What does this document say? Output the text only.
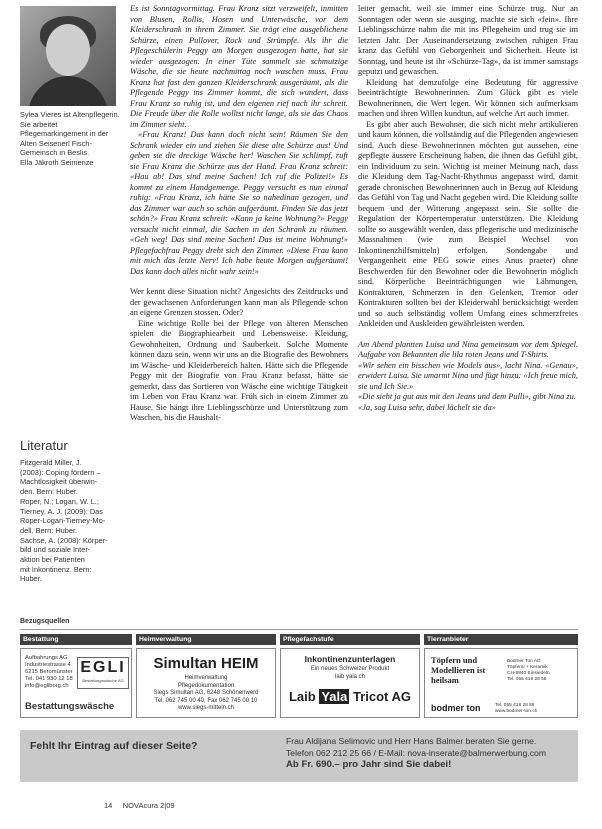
Sylea Vieres ist Altenpflegerin. Sie arbeitet Pflegemarkingement in der Alten Seisenerl Fisch-Gemeinsch in Beslis.
Ella Jäkroth Seimenze
Literatur
Fitzgerald Miller, J.
(2003): Coping fördern –
Machtlosigkeit überwin-
den. Bern: Huber.
Roper, N.; Logan, W. L.;
Tierney, A. J. (2009): Das
Roper-Logan-Tierney-Mo-
dell. Bern: Huber.
Sachse, A. (2008): Körper-
bild und soziale Inter-
aktion bei Patienten
mit Inkontinenz. Bern:
Huber.

Es ist Sonntagvormittag. Frau Kranz sitzt verzweifelt, inmitten von Blusen, Rollis, Hosen und Unterwäsche, vor dem Kleiderschrank in ihrem Zimmer. Sie trägt eine ausgeblichene Schürze, einen Pullover, Rock und Strümpfe. Als ihr die Pflegeschülerin Peggy am Morgen ausgezogen hatte, hat sie wieder ausgezogen. In einer Tüte sammelt sie schmutzige Wäsche, die sie heute nachmittag noch waschen muss. Frau Kranz hat fast den ganzen Kleiderschrank ausgeräumt, als die Pflegende Peggy ins Zimmer kommt, die sich wundert, dass Frau Kranz so ruhig ist, und den eigenen rief nach ihr schreit. Die Freude über die Rolle wolltst nicht lange, als sie das Chaos im Zimmer sieht.

«Frau Kranz! Das kann doch nicht sein! Räumen Sie den Schrank wieder ein und ziehen Sie diese alte Schürze aus! Und geben sie die dreckige Wäsche her! Waschen Sie schlimpf, ruft sie Frau Kranz die Schürze aus der Hand. Frau Kranz schreit: «Hau ab! Das sind meine Sachen! Ich ruf die Polizei!» Es kommt zu einem Handgemenge. Peggy versucht es nun einmal ruhig: «Frau Kranz, ich hätte Sie so nahedinan gezogen, und das Zimmer war auch so schön aufgeräumt. Finden Sie das jetzt schön?» Frau Kranz schreit: «Kann ja keine Wohnung?» Peggy versucht nicht einmal, die Sachen in den Schrank zu räumen. «Geh weg! Das sind meine Sachen! Das ist meine Wohnung!» Pflegefachfrau Peggy dreht sich den Zimmer. «Diese Frau kann mit mich das letzte Nerv! Ich habe heute Morgen aufgeräumt! Das kann doch alles nicht wahr sein!»

Wer kennt diese Situation nicht? Angesichts des Zeitdrucks und der gewachsenen Anforderungen kann man als Pflegende schon an eigene Grenzen stossen. Oder?

Eine wichtige Rolle bei der Pflege von älteren Menschen spielen die Biographiearbeit und Lebensweise. Kleidung, Gewohnheiten, Ordnung und Sauberkeit. Solche Momente können dazu sein, wenn wir uns an die Biografie des Bewohners im Wäsche- und Kleiderbereich halten. Hätte sich die Pflegende Peggy mit der Biografie von Frau Kranz befasst, hätte sie gemerkt, dass das Sortieren von Wäsche eine wichtige Tätigkeit im Leben von Frau Kranz war. Früh sich in einem Zimmer zu Hause. Sie hängt ihre Lieblingsschürze und Unterstützung zum Waschen, bis die Haushalt-

leiter gemacht, weil sie immer eine Schürze trug. Nur an Sonntagen oder wenn sie ausging, machte sie sich «fein». Ihre Lieblingsschürze nahm die mit ins Pflegeheim und trug sie im letzten Jahr. Der Auseinandersetzung zwischen ruhigen Frau kranz das Gefühl von Geborgenheit und Sicherheit. Heute ist Sonntag, und heute ist ihr «Schürze-Tag», da ist immer samstags geputzt und gewaschen.

Kleidung hat demzufolge eine Bedeutung für aggressive beeinträchtigte Bewohnerinnen. Zum Glück gibt es viele Bewohnerinnen, die Wert legen. Wir können sich aufmerksam machen und ihren Willen kundtun, auf welche Art auch immer.

Es gibt aber auch Bewohner, die sich nicht mehr artikulieren und kaum können, die vollständig auf die Pflegenden angewiesen sind. Auch diese Bewohnerinnen möchten gut aussehen, eine gepflegte äussere Erscheinung haben, die ihnen das Gefühl gibt, ein Individuum zu sein. Wichtig ist meiner Meinung nach, dass die Kleidung dem Tag-Nacht-Rhythmus angepasst wird, damit gerade chronischen Bewohnerinnen auch in Bezug auf Kleidung das Gefühl von Tag und Nacht gegeben wird. Die Kleidung sollte bequem und der Witterung angepasst sein. Sie sollte die Regulation der Körpertemperatur unterstützen. Die Kleidung sollte so ausgewählt werden, dass pflegerische und medizinische Massnahmen (wie zum Beispiel Wechsel von Inkontinenzhilfsmitteln) erfolgen. Sondengabe und Vergangenheit eine PEG sowie eines Anus praeter) ohne Beschwerden für den Bewohner oder die Bewohnerin möglich sind. Körperliche Beeinträchtigungen wie Lähmungen, Kontrakturen, Schmerzen in den Gelenken, Tremor oder Kontrakturen sollten bei der Kleiderwahl berücksichtigt werden und so auch selbständig vollem Umfang eines schmerzfreies Ankleiden und Auskleiden gewährleisten werden.

Am Abend plantten Luisa und Nina gemeinsam vor dem Spiegel. Aufgabe von Bekannten die lila roten Jeans und T-Shirts.

«Wir sehen ein bisschen wie Models aus», lacht Nina. «Genau», erwidert Luisa. Sie umarmt Nina und fügt hinzu: «Ich freue mich, sie und Ich Sie.»

«Die sieht ja gut aus mit den Jeans und dem Pulli», gibt Nina zu.

«Ja, sag Luisa sehr, dabei lächelt sie da»

Bezugsquellen
Bestattung	Heimverwaltung	Pflegefachstufe	Tierranbieter
Aufbahrungs AG
Industriestrasse 4
6215 Beromünster
Tel. 041 930 12 18
info@egliborg.ch
EGLI
Bestattungswäsche AG
Bestattungswäsche
Simultan HEIM
Heimverwaltung
Pflegedokumentation
Siegs Simultan AG, 6248 Schönenwerd
Tel. 062 745 00 40, Fax 062 745 00 10
www.siegs-mitteln.ch
Inkontinenzunterlagen
Ein neues Schweizer Produkt
laib yala ch
Laib Yala Tricot AG
Töpfern und
Modellieren ist
heilsam
Bodmer Ton AG
Töpferei + Keramik
CH-8840 Einsiedeln
Tel. 055 418 28 58
bodmer ton	Tel. 055 418 28 58
www.bodmer-ton.ch
Fehlt Ihr Eintrag auf dieser Seite?	Frau Aldijana Selimovic und Herr Hans Balmer beraten Sie gerne.
Telefon 062 212 25 66 / E-Mail: nova-inserate@balmerwerbung.com
Ab Fr. 690.– pro Jahr sind Sie dabei!
14 NOVAcura 2|09
